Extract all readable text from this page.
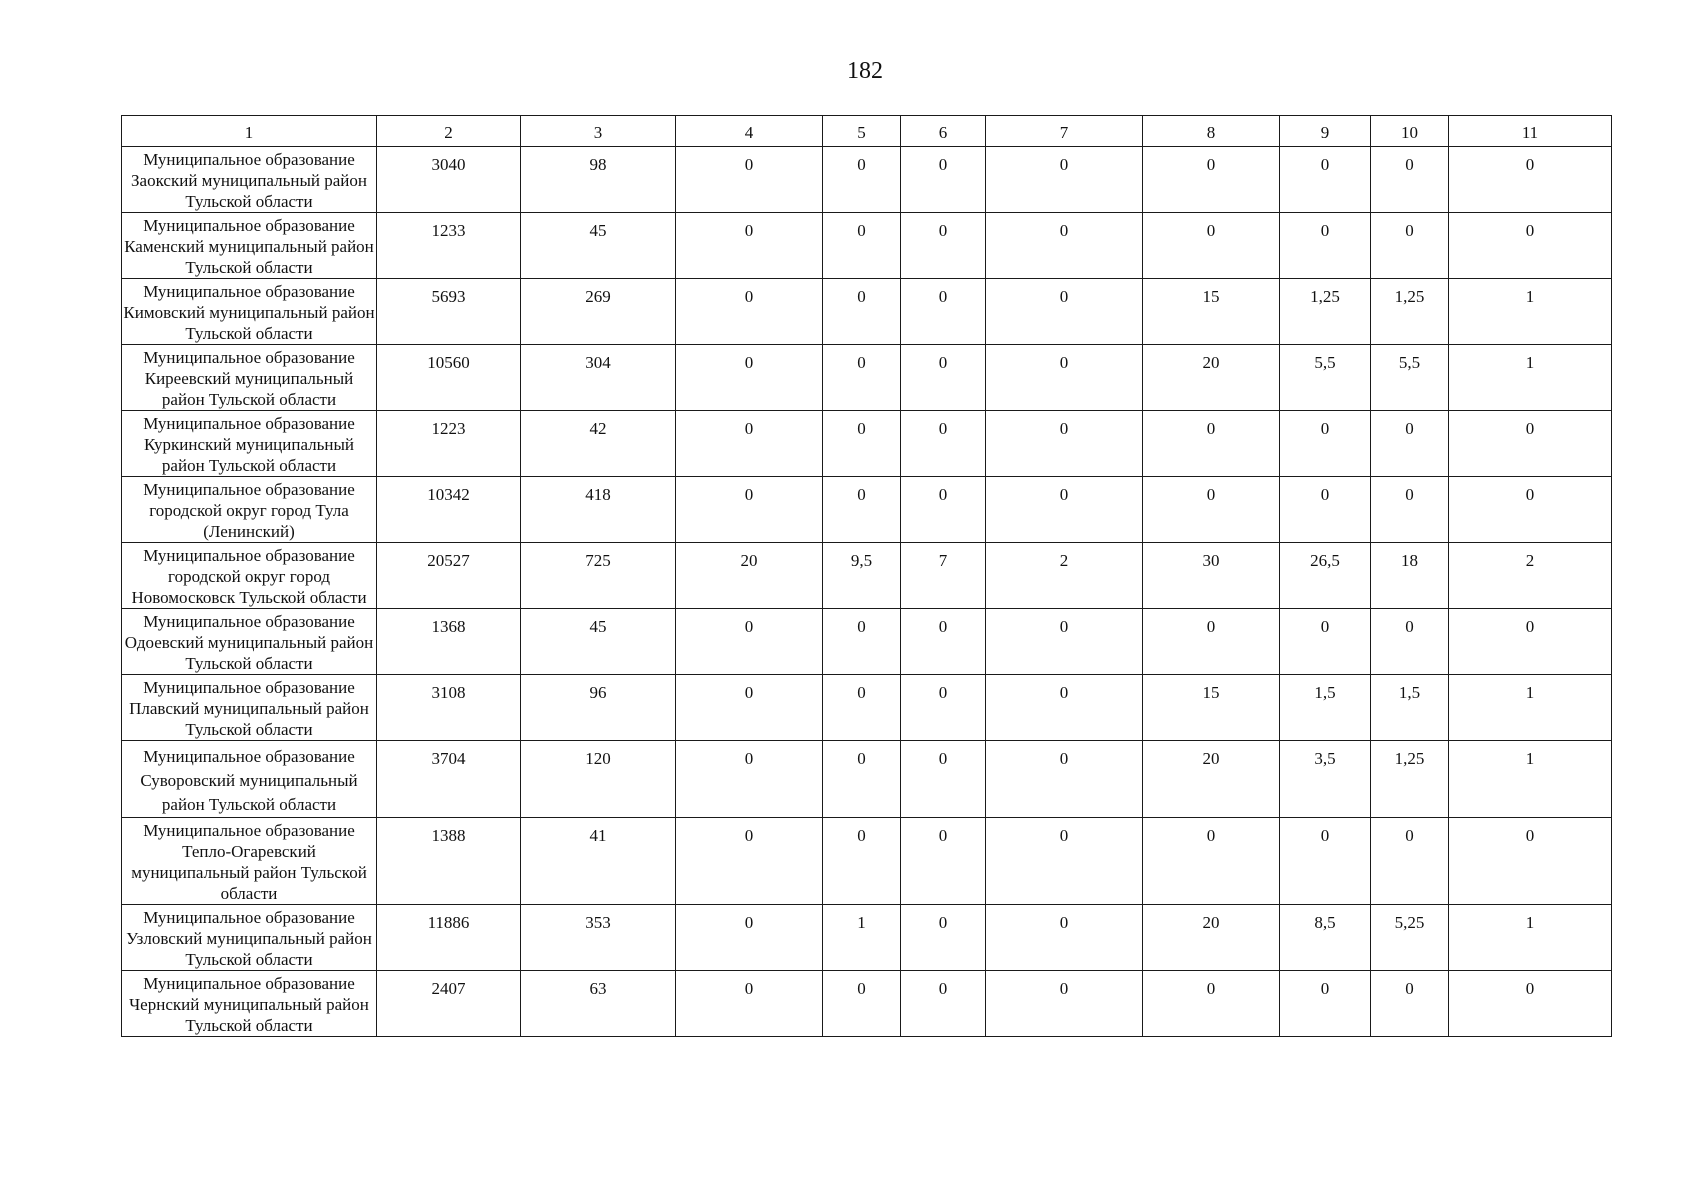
182
1	2	3	4	5	6	7	8	9	10	11
Муниципальное образование Заокский муниципальный район Тульской области	3040	98	0	0	0	0	0	0	0	0
Муниципальное образование Каменский муниципальный район Тульской области	1233	45	0	0	0	0	0	0	0	0
Муниципальное образование Кимовский муниципальный район Тульской области	5693	269	0	0	0	0	15	1,25	1,25	1
Муниципальное образование Киреевский муниципальный район Тульской области	10560	304	0	0	0	0	20	5,5	5,5	1
Муниципальное образование Куркинский муниципальный район Тульской области	1223	42	0	0	0	0	0	0	0	0
Муниципальное образование городской округ город Тула (Ленинский)	10342	418	0	0	0	0	0	0	0	0
Муниципальное образование городской округ город Новомосковск Тульской области	20527	725	20	9,5	7	2	30	26,5	18	2
Муниципальное образование Одоевский муниципальный район Тульской области	1368	45	0	0	0	0	0	0	0	0
Муниципальное образование Плавский муниципальный район Тульской области	3108	96	0	0	0	0	15	1,5	1,5	1
Муниципальное образование Суворовский муниципальный район Тульской области	3704	120	0	0	0	0	20	3,5	1,25	1
Муниципальное образование Тепло-Огаревский муниципальный район Тульской области	1388	41	0	0	0	0	0	0	0	0
Муниципальное образование Узловский муниципальный район Тульской области	11886	353	0	1	0	0	20	8,5	5,25	1
Муниципальное образование Чернский муниципальный район Тульской области	2407	63	0	0	0	0	0	0	0	0
